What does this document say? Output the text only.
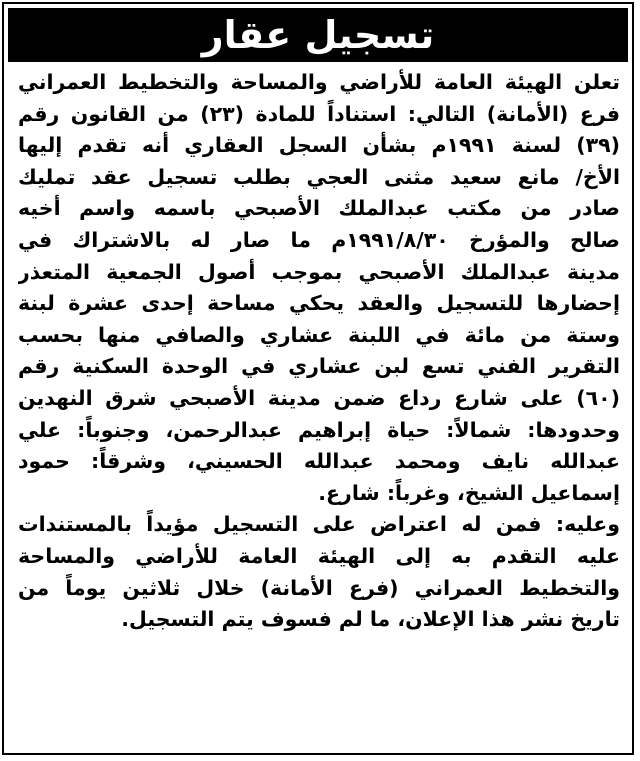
تسجيل عقار

تعلن الهيئة العامة للأراضي والمساحة والتخطيط العمراني
فرع (الأمانة) التالي: استناداً للمادة (٢٣) من القانون رقم
(٣٩) لسنة ١٩٩١م بشأن السجل العقاري أنه تقدم إليها
الأخ/ مانع سعيد مثنى العجي بطلب تسجيل عقد تمليك
صادر من مكتب عبدالملك الأصبحي باسمه واسم أخيه
صالح والمؤرخ ١٩٩١/٨/٣٠م ما صار له بالاشتراك في
مدينة عبدالملك الأصبحي بموجب أصول الجمعية المتعذر
إحضارها للتسجيل والعقد يحكي مساحة إحدى عشرة لبنة
وستة من مائة في اللبنة عشاري والصافي منها بحسب
التقرير الفني تسع لبن عشاري في الوحدة السكنية رقم
(٦٠) على شارع رداع ضمن مدينة الأصبحي شرق النهدين
وحدودها: شمالاً: حياة إبراهيم عبدالرحمن، وجنوباً: علي
عبدالله نايف ومحمد عبدالله الحسيني، وشرقاً: حمود
إسماعيل الشيخ، وغرباً: شارع.

وعليه: فمن له اعتراض على التسجيل مؤيداً بالمستندات
عليه التقدم به إلى الهيئة العامة للأراضي والمساحة
والتخطيط العمراني (فرع الأمانة) خلال ثلاثين يوماً من
تاريخ نشر هذا الإعلان، ما لم فسوف يتم التسجيل.
